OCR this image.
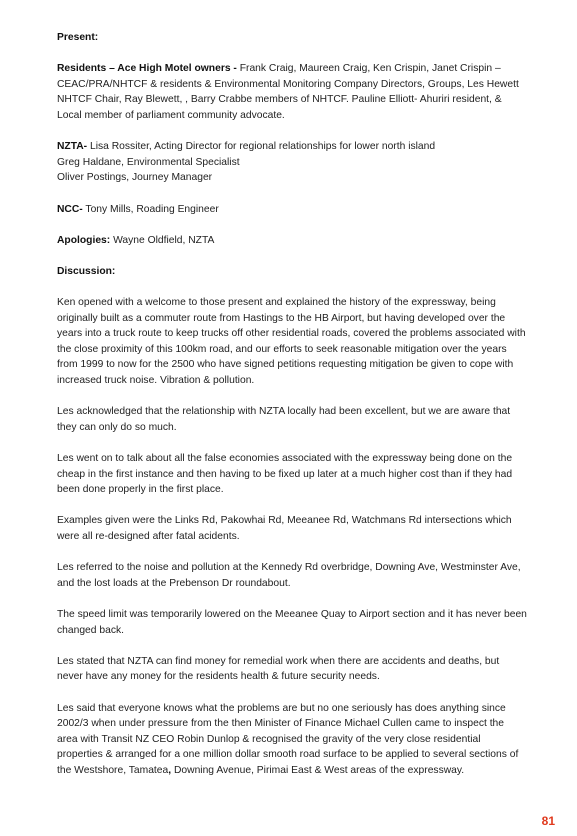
Present:

Residents – Ace High Motel owners - Frank Craig, Maureen Craig, Ken Crispin, Janet Crispin – CEAC/PRA/NHTCF & residents & Environmental Monitoring Company Directors, Groups, Les Hewett NHTCF Chair, Ray Blewett, , Barry Crabbe members of NHTCF. Pauline Elliott- Ahuriri resident, & Local member of parliament community advocate.

NZTA- Lisa Rossiter, Acting Director for regional relationships for lower north island
Greg Haldane, Environmental Specialist
Oliver Postings, Journey Manager

NCC- Tony Mills, Roading Engineer

Apologies: Wayne Oldfield, NZTA

Discussion:

Ken opened with a welcome to those present and explained the history of the expressway, being originally built as a commuter route from Hastings to the HB Airport, but having developed over the years into a truck route to keep trucks off other residential roads, covered the problems associated with the close proximity of this 100km road, and our efforts to seek reasonable mitigation over the years from 1999 to now for the 2500 who have signed petitions requesting mitigation be given to cope with increased truck noise. Vibration & pollution.

Les acknowledged that the relationship with NZTA locally had been excellent, but we are aware that they can only do so much.

Les went on to talk about all the false economies associated with the expressway being done on the cheap in the first instance and then having to be fixed up later at a much higher cost than if they had been done properly in the first place.

Examples given were the Links Rd, Pakowhai Rd, Meeanee Rd, Watchmans Rd intersections which were all re-designed after fatal acidents.

Les referred to the noise and pollution at the Kennedy Rd overbridge, Downing Ave, Westminster Ave, and the lost loads at the Prebenson Dr roundabout.

The speed limit was temporarily lowered on the Meeanee Quay to Airport section and it has never been changed back.

Les stated that NZTA can find money for remedial work when there are accidents and deaths, but never have any money for the residents health & future security needs.

Les said that everyone knows what the problems are but no one seriously has does anything since 2002/3 when under pressure from the then Minister of Finance Michael Cullen came to inspect the area with Transit NZ CEO Robin Dunlop & recognised the gravity of the very close residential properties & arranged for a one million dollar smooth road surface to be applied to several sections of the Westshore, Tamatea, Downing Avenue, Pirimai East & West areas of the expressway.

81
